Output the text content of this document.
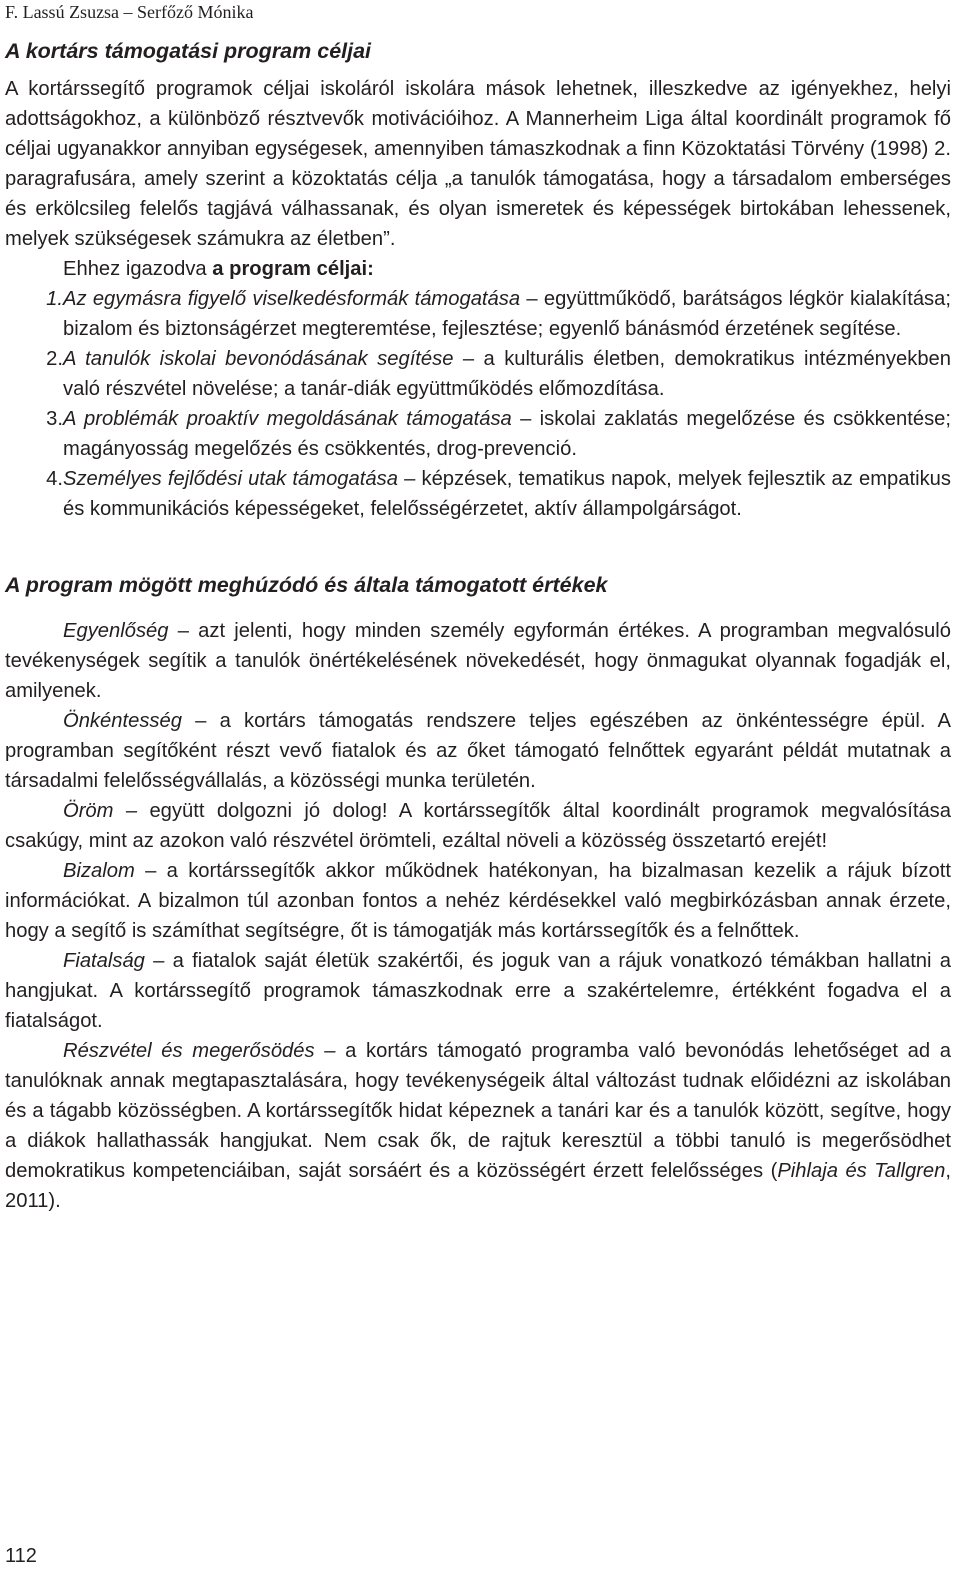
F. Lassú Zsuzsa – Serfőző Mónika
A kortárs támogatási program céljai

A kortárssegítő programok céljai iskoláról iskolára mások lehetnek, illeszkedve az igényekhez, helyi adottságokhoz, a különböző résztvevők motivációihoz. A Mannerheim Liga által koordinált programok fő céljai ugyanakkor annyiban egységesek, amennyiben támaszkodnak a finn Közoktatási Törvény (1998) 2. paragrafusára, amely szerint a közoktatás célja „a tanulók támogatása, hogy a társadalom emberséges és erkölcsileg felelős tagjává válhassanak, és olyan ismeretek és képességek birtokában lehessenek, melyek szükségesek számukra az életben”.

Ehhez igazodva a program céljai:

1. Az egymásra figyelő viselkedésformák támogatása – együttműködő, barátságos légkör kialakítása; bizalom és biztonságérzet megteremtése, fejlesztése; egyenlő bánásmód érzetének segítése.
2. A tanulók iskolai bevonódásának segítése – a kulturális életben, demokratikus intézményekben való részvétel növelése; a tanár-diák együttműködés előmozdítása.
3. A problémák proaktív megoldásának támogatása – iskolai zaklatás megelőzése és csökkentése; magányosság megelőzés és csökkentés, drog-prevenció.
4. Személyes fejlődési utak támogatása – képzések, tematikus napok, melyek fejlesztik az empatikus és kommunikációs képességeket, felelősségérzetet, aktív állampolgárságot.
A program mögött meghúzódó és általa támogatott értékek

Egyenlőség – azt jelenti, hogy minden személy egyformán értékes. A programban megvalósuló tevékenységek segítik a tanulók önértékelésének növekedését, hogy önmagukat olyannak fogadják el, amilyenek.

Önkéntesség – a kortárs támogatás rendszere teljes egészében az önkéntességre épül. A programban segítőként részt vevő fiatalok és az őket támogató felnőttek egyaránt példát mutatnak a társadalmi felelősségvállalás, a közösségi munka területén.

Öröm – együtt dolgozni jó dolog! A kortárssegítők által koordinált programok megvalósítása csakúgy, mint az azokon való részvétel örömteli, ezáltal növeli a közösség összetartó erejét!

Bizalom – a kortárssegítők akkor működnek hatékonyan, ha bizalmasan kezelik a rájuk bízott információkat. A bizalmon túl azonban fontos a nehéz kérdésekkel való megbirkózásban annak érzete, hogy a segítő is számíthat segítségre, őt is támogatják más kortárssegítők és a felnőttek.

Fiatalság – a fiatalok saját életük szakértői, és joguk van a rájuk vonatkozó témákban hallatni a hangjukat. A kortárssegítő programok támaszkodnak erre a szakértelemre, értékként fogadva el a fiatalságot.

Részvétel és megerősödés – a kortárs támogató programba való bevonódás lehetőséget ad a tanulóknak annak megtapasztalására, hogy tevékenységeik által változást tudnak előidézni az iskolában és a tágabb közösségben. A kortárssegítők hidat képeznek a tanári kar és a tanulók között, segítve, hogy a diákok hallathassák hangjukat. Nem csak ők, de rajtuk keresztül a többi tanuló is megerősödhet demokratikus kompetenciáiban, saját sorsáért és a közösségért érzett felelősséges (Pihlaja és Tallgren, 2011).

112
